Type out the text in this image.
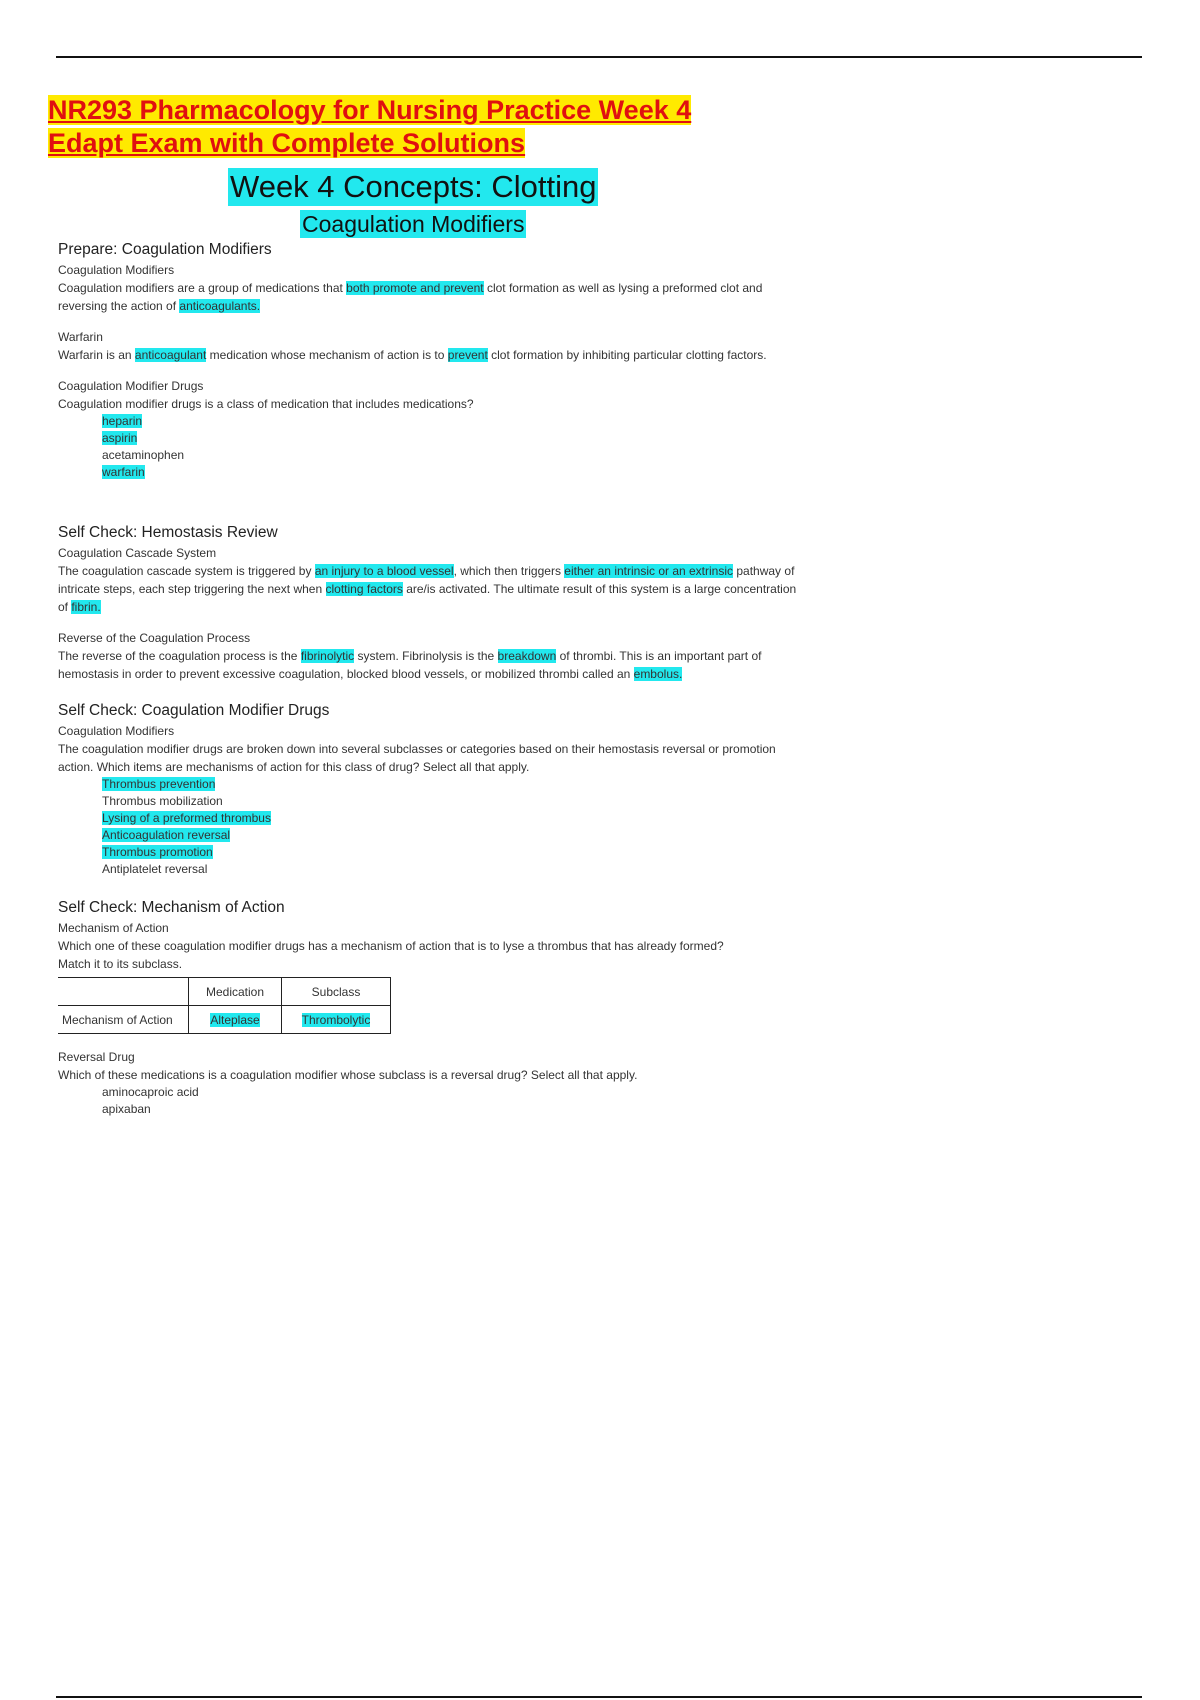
NR293 Pharmacology for Nursing Practice Week 4
Edapt Exam with Complete Solutions
Week 4 Concepts: Clotting
Coagulation Modifiers

Prepare: Coagulation Modifiers

Coagulation Modifiers

Coagulation modifiers are a group of medications that both promote and prevent clot formation as well as lysing a preformed clot and reversing the action of anticoagulants.

Warfarin

Warfarin is an anticoagulant medication whose mechanism of action is to prevent clot formation by inhibiting particular clotting factors.

Coagulation Modifier Drugs

Coagulation modifier drugs is a class of medication that includes medications?

heparin
aspirin
acetaminophen
warfarin

Self Check: Hemostasis Review

Coagulation Cascade System

The coagulation cascade system is triggered by an injury to a blood vessel, which then triggers either an intrinsic or an extrinsic pathway of intricate steps, each step triggering the next when clotting factors are/is activated. The ultimate result of this system is a large concentration of fibrin.

Reverse of the Coagulation Process

The reverse of the coagulation process is the fibrinolytic system. Fibrinolysis is the breakdown of thrombi. This is an important part of hemostasis in order to prevent excessive coagulation, blocked blood vessels, or mobilized thrombi called an embolus.

Self Check: Coagulation Modifier Drugs

Coagulation Modifiers

The coagulation modifier drugs are broken down into several subclasses or categories based on their hemostasis reversal or promotion action. Which items are mechanisms of action for this class of drug? Select all that apply.

Thrombus prevention
Thrombus mobilization
Lysing of a preformed thrombus
Anticoagulation reversal
Thrombus promotion
Antiplatelet reversal

Self Check: Mechanism of Action

Mechanism of Action

Which one of these coagulation modifier drugs has a mechanism of action that is to lyse a thrombus that has already formed? Match it to its subclass.

	Medication	Subclass
Mechanism of Action	Alteplase	Thrombolytic

Reversal Drug

Which of these medications is a coagulation modifier whose subclass is a reversal drug? Select all that apply.

aminocaproic acid
apixaban
